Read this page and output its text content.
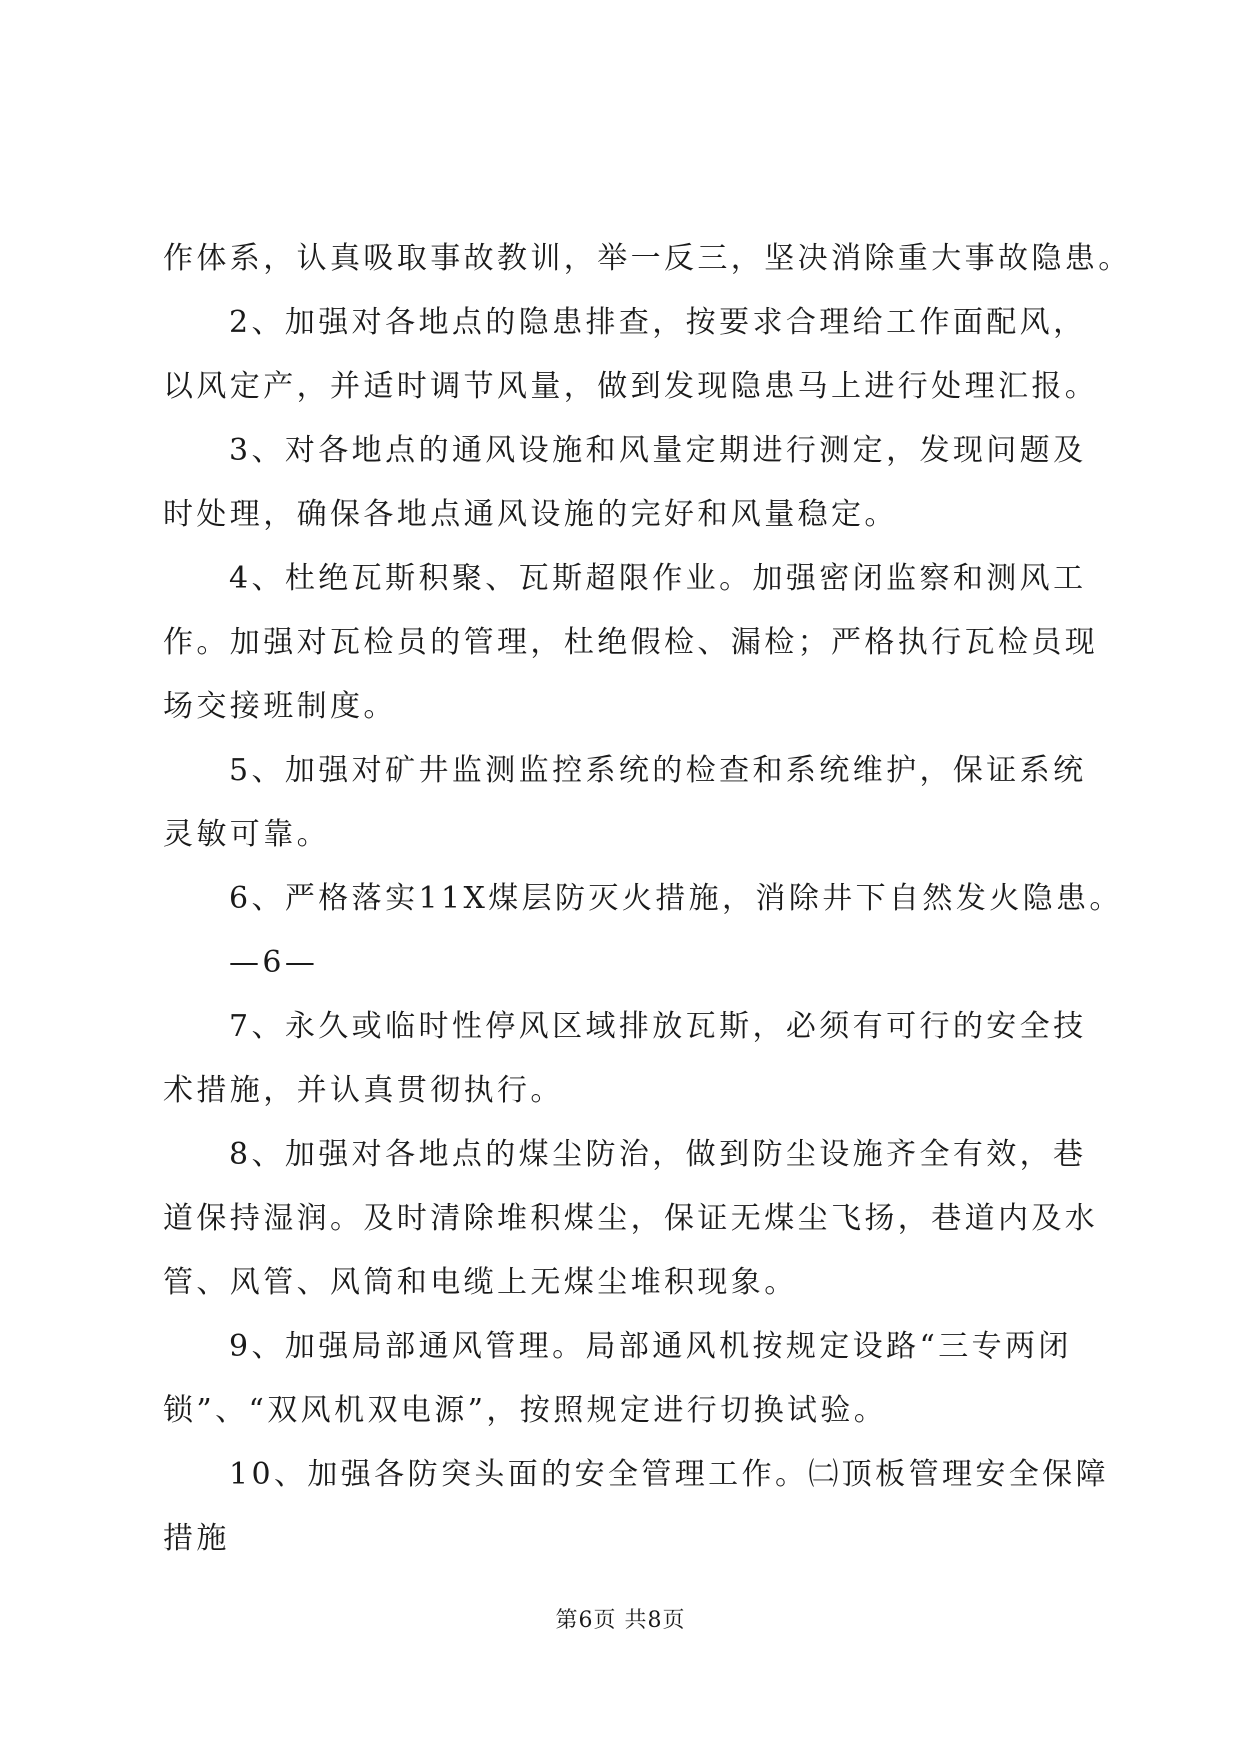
作体系，认真吸取事故教训，举一反三，坚决消除重大事故隐患。
2、加强对各地点的隐患排查，按要求合理给工作面配风，
以风定产，并适时调节风量，做到发现隐患马上进行处理汇报。
3、对各地点的通风设施和风量定期进行测定，发现问题及
时处理，确保各地点通风设施的完好和风量稳定。
4、杜绝瓦斯积聚、瓦斯超限作业。加强密闭监察和测风工
作。加强对瓦检员的管理，杜绝假检、漏检；严格执行瓦检员现
场交接班制度。
5、加强对矿井监测监控系统的检查和系统维护，保证系统
灵敏可靠。
6、严格落实11X煤层防灭火措施，消除井下自然发火隐患。
—6—
7、永久或临时性停风区域排放瓦斯，必须有可行的安全技
术措施，并认真贯彻执行。
8、加强对各地点的煤尘防治，做到防尘设施齐全有效，巷
道保持湿润。及时清除堆积煤尘，保证无煤尘飞扬，巷道内及水
管、风管、风筒和电缆上无煤尘堆积现象。
9、加强局部通风管理。局部通风机按规定设路“三专两闭
锁”、“双风机双电源”，按照规定进行切换试验。
10、加强各防突头面的安全管理工作。㈡顶板管理安全保障
措施
第6页 共8页
